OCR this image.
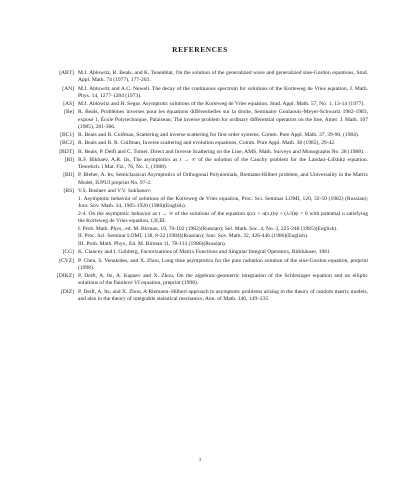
REFERENCES
[ABT] M.J. Ablowitz, R. Beals, and K. Tenenblat, On the solution of the generalized wave and generalized sine-Gordon equations, Stud. Appl. Math. 74 (1977), 177-203.
[AN] M.J. Ablowitz and A.C. Newell. The decay of the continuous spectrum for solutions of the Korteweg de Vries equation, J. Math. Phys. 14, 1277-1284 (1973).
[AS] M.J. Ablowitz and H. Segur. Asymptotic solutions of the Korteweg de Vries equation. Stud. Appl. Math. 57, No. 1, 13-14 (1977).
[Be] R. Beals, Problèmes inverses pour les équations différentielles sur la droite, Seminaire Goulaouic-Meyer-Schwartz 1982-1983, exposé 1, École Polytechnique, Palaiseau; The inverse problem for ordinary differential operators on the line, Amer. J. Math. 107 (1985), 281-366.
[BC1] R. Beals and R. Coifman, Scattering and inverse scattering for first order systems. Comm. Pure Appl. Math. 37, 39-90, (1984).
[BC2] R. Beals and R. R. Coifman, Inverse scattering and evolution equations, Comm. Pure Appl. Math. 38 (1985), 29-42.
[BDT] R. Beals, P. Deift and C. Tomei. Direct and Inverse Scattering on the Line, AMS, Math. Surveys and Monographs No. 28 (1988).
[BI] R.F. Bikbaev, A.R. Its, The asymptotics as t → ∞ of the solution of the Cauchy problem for the Landau–Lifshitz equation. Teoretich. i Mat. Fiz., 76, No. 1, (1988).
[BIl] P. Bleher, A. Its, Semiclassical Asymptotics of Orthogonal Polynomials, Riemann-Hilbert problem, and Universality in the Matrix Model, IUPUI preprint No. 97-2.
[BS] V.S. Buslaev and V.V. Sukhanov:
1. Asymptotic behavior of solutions of the Korteweg de Vries equation, Proc. Sci. Seminar LOMI, 120, 32-50 (1982) (Russian); Jour. Sov. Math. 34, 1905-1920 (1986)(English).
2-4. On the asymptotic behavior as t → ∞ of the solutions of the equation ψxx + u(x,t)ψ + (λ/4)ψ = 0 with potential u satisfying the Korteweg de Vries equation, I,II,III.
I. Prob. Math. Phys., ed. M. Birman, 10, 70-102 (1982)(Russian); Sel. Math. Soc. 4, No. 3, 225-248 (1985)(English).
II. Proc. Sci. Seminar LOMI, 138, 8-32 (1984)(Russian); Jour. Sov. Math. 32, 426-446 (1986)(English).
III. Prob. Math. Phys., Ed. M. Birman 11, 78-113 (1986)(Russian).
[CG] K. Clancey and I. Gohberg, Factorizations of Matrix Functions and Singular Integral Operators, Birkhäuser, 1981
[CVZ] P. Chen, S. Venakides, and X. Zhou, Long time asymptotics for the pure radiation solution of the sine-Gordon equation, preprint (1998).
[DIKZ] P. Deift, A. Its, A. Kapaev and X. Zhou, On the algebraic-geometric integration of the Schlesinger equation and on elliptic solutions of the Painlevé VI equation, preprint (1998).
[DIZ] P. Deift, A. Its, and X. Zhou, A Riemann–Hilbert approach to asymptotic problems arising in the theory of random matrix models, and also in the theory of integrable statistical mechanics, Ann. of Math. 146, 149–235
1
